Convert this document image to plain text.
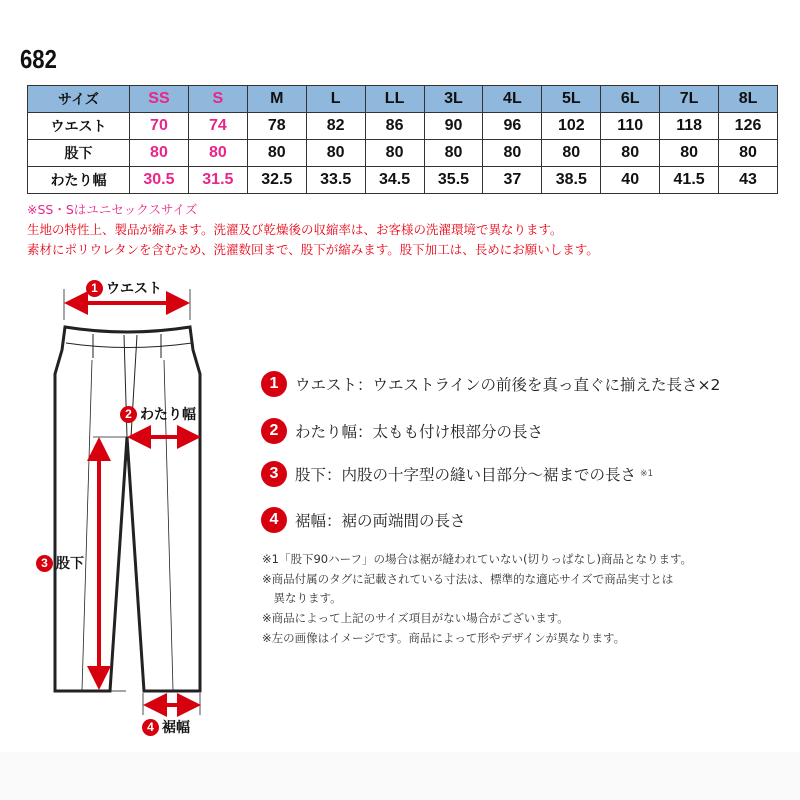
682
サイズ	SS	S	M	L	LL	3L	4L	5L	6L	7L	8L
ウエスト	70	74	78	82	86	90	96	102	110	118	126
股下	80	80	80	80	80	80	80	80	80	80	80
わたり幅	30.5	31.5	32.5	33.5	34.5	35.5	37	38.5	40	41.5	43
※SS・Sはユニセックスサイズ
生地の特性上、製品が縮みます。洗濯及び乾燥後の収縮率は、お客様の洗濯環境で異なります。
素材にポリウレタンを含むため、洗濯数回まで、股下が縮みます。股下加工は、長めにお願いします。
1 ウエスト
2 わたり幅
3 股下
4 裾幅
1	ウエスト：ウエストラインの前後を真っ直ぐに揃えた長さ×2
2	わたり幅：太もも付け根部分の長さ
3	股下：内股の十字型の縫い目部分～裾までの長さ ※1
4	裾幅：裾の両端間の長さ
※1「股下90ハーフ」の場合は裾が縫われていない(切りっぱなし)商品となります。
※商品付属のタグに記載されている寸法は、標準的な適応サイズで商品実寸とは
　異なります。
※商品によって上記のサイズ項目がない場合がございます。
※左の画像はイメージです。商品によって形やデザインが異なります。
